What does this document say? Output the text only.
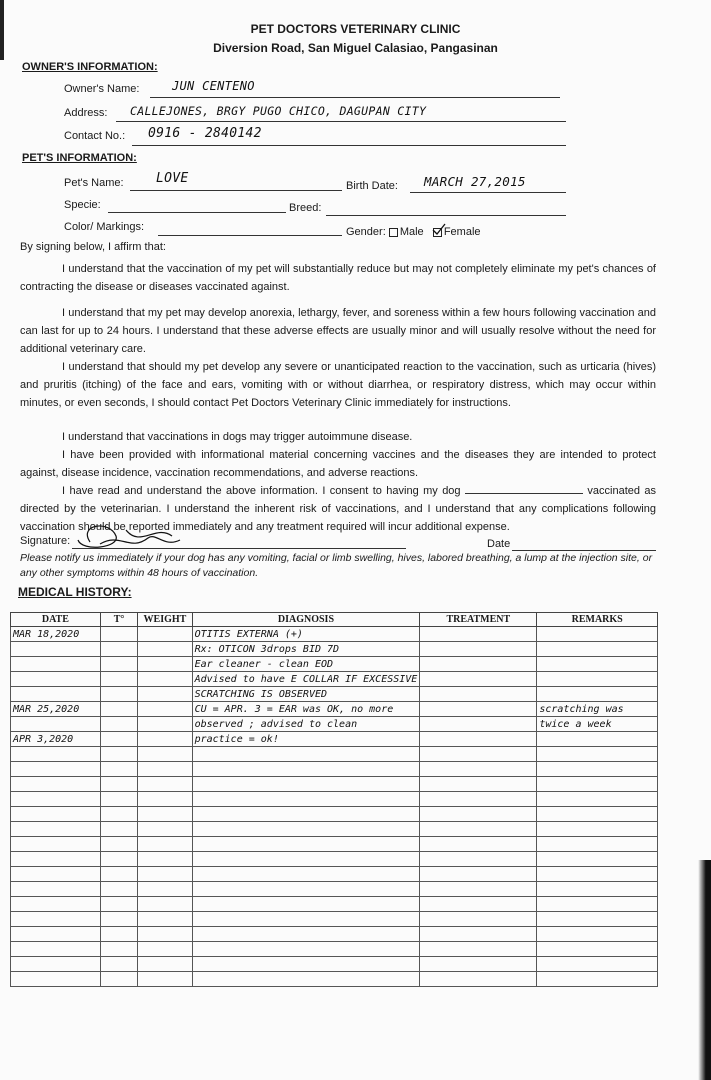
PET DOCTORS VETERINARY CLINIC
Diversion Road, San Miguel Calasiao, Pangasinan
OWNER'S INFORMATION:
Owner's Name:	JUN CENTENO
Address: CALLEJONES, BRGY PUGO CHICO, DAGUPAN CITY
Contact No.: 0916 - 2840142
PET'S INFORMATION:
Pet's Name: LOVE	Birth Date: MARCH 27,2015
Specie:	Breed:
Color/ Markings:	Gender: Male Female
By signing below, I affirm that:
I understand that the vaccination of my pet will substantially reduce but may not completely eliminate my pet's chances of contracting the disease or diseases vaccinated against.
I understand that my pet may develop anorexia, lethargy, fever, and soreness within a few hours following vaccination and can last for up to 24 hours. I understand that these adverse effects are usually minor and will usually resolve without the need for additional veterinary care.
I understand that should my pet develop any severe or unanticipated reaction to the vaccination, such as urticaria (hives) and pruritis (itching) of the face and ears, vomiting with or without diarrhea, or respiratory distress, which may occur within minutes, or even seconds, I should contact Pet Doctors Veterinary Clinic immediately for instructions.
I understand that vaccinations in dogs may trigger autoimmune disease.
I have been provided with informational material concerning vaccines and the diseases they are intended to protect against, disease incidence, vaccination recommendations, and adverse reactions.
I have read and understand the above information. I consent to having my dog	vaccinated as directed by the veterinarian. I understand the inherent risk of vaccinations, and I understand that any complications following vaccination should be reported immediately and any treatment required will incur additional expense.
Signature:	Date
Please notify us immediately if your dog has any vomiting, facial or limb swelling, hives, labored breathing, a lump at the injection site, or any other symptoms within 48 hours of vaccination.
MEDICAL HISTORY:
DATE	T°	WEIGHT	DIAGNOSIS	TREATMENT	REMARKS
MAR 18,2020			OTITIS EXTERNA (+)		
			Rx: OTICON 3drops BID 7D		
			Ear cleaner - clean EOD		
			Advised to have E COLLAR IF EXCESSIVE		
			SCRATCHING IS OBSERVED		
MAR 25,2020			CU = APR. 3 = EAR was OK, no more		scratching was
			observed ; advised to clean		twice a week
APR 3,2020			practice = ok!		
